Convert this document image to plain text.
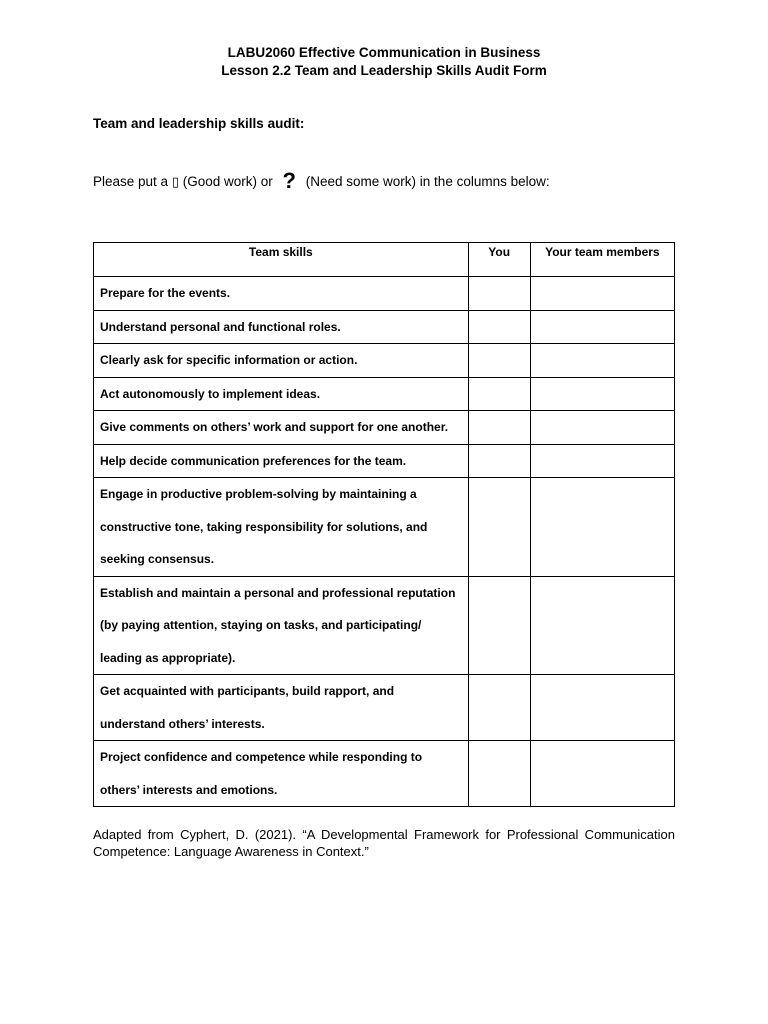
LABU2060 Effective Communication in Business
Lesson 2.2 Team and Leadership Skills Audit Form
Team and leadership skills audit:
Please put a ▯ (Good work) or ? (Need some work) in the columns below:
Team skills	You	Your team members
Prepare for the events.		
Understand personal and functional roles.		
Clearly ask for specific information or action.		
Act autonomously to implement ideas.		
Give comments on others’ work and support for one another.		
Help decide communication preferences for the team.		
Engage in productive problem-solving by maintaining a constructive tone, taking responsibility for solutions, and seeking consensus.		
Establish and maintain a personal and professional reputation (by paying attention, staying on tasks, and participating/ leading as appropriate).		
Get acquainted with participants, build rapport, and understand others’ interests.		
Project confidence and competence while responding to others’ interests and emotions.		
Adapted from Cyphert, D. (2021). “A Developmental Framework for Professional Communication Competence: Language Awareness in Context.”
